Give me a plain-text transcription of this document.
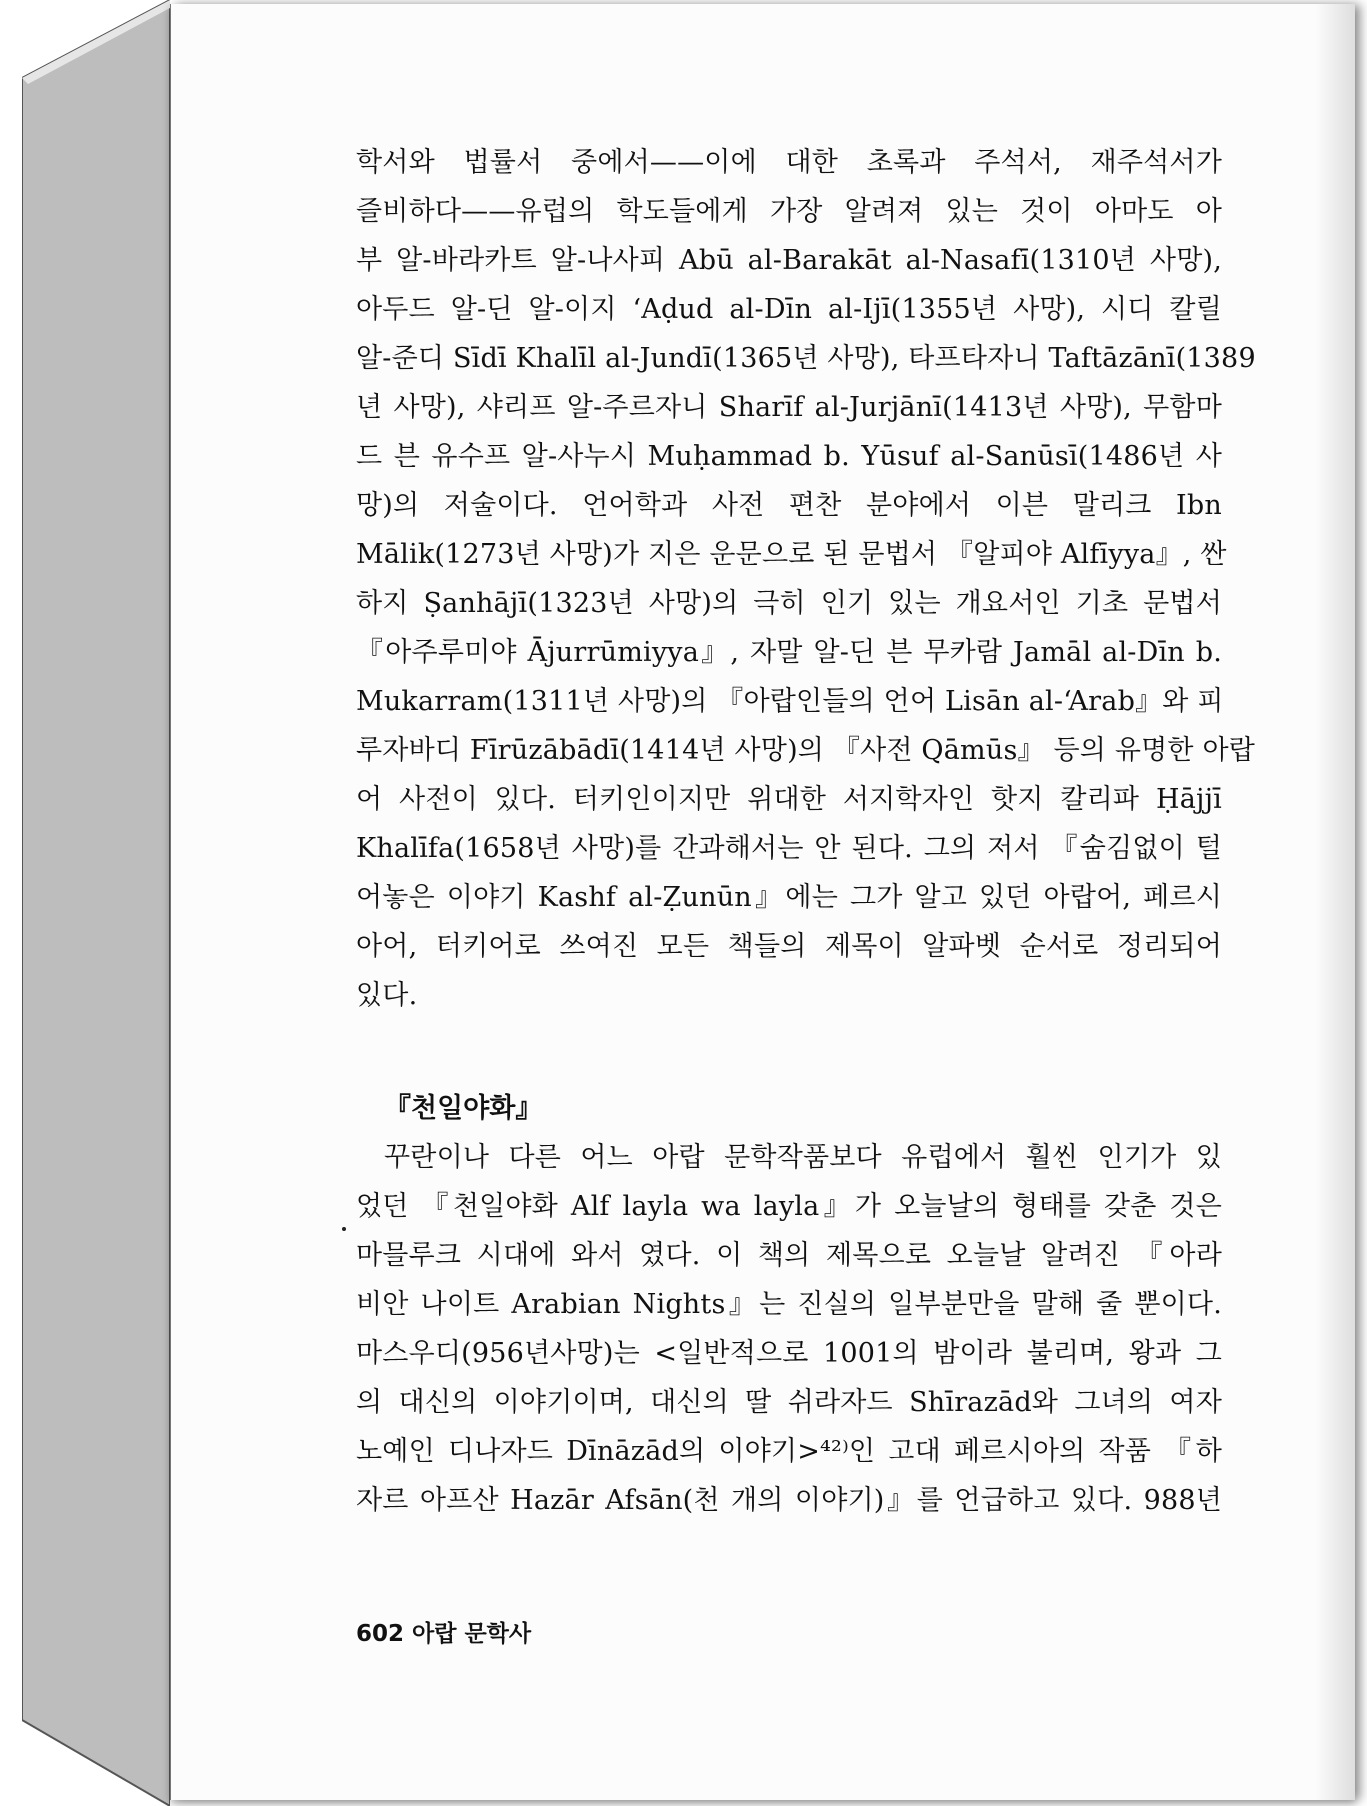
학서와 법률서 중에서——이에 대한 초록과 주석서, 재주석서가
즐비하다——유럽의 학도들에게 가장 알려져 있는 것이 아마도 아
부 알-바라카트 알-나사피 Abū al-Barakāt al-Nasafī(1310년 사망),
아두드 알-딘 알-이지 ‘Aḍud al-Dīn al-Ijī(1355년 사망), 시디 칼릴
알-준디 Sīdī Khalīl al-Jundī(1365년 사망), 타프타자니 Taftāzānī(1389
년 사망), 샤리프 알-주르자니 Sharīf al-Jurjānī(1413년 사망), 무함마
드 븐 유수프 알-사누시 Muḥammad b. Yūsuf al-Sanūsī(1486년 사
망)의 저술이다. 언어학과 사전 편찬 분야에서 이븐 말리크 Ibn
Mālik(1273년 사망)가 지은 운문으로 된 문법서 『알피야 Alfīyya』, 싼
하지 Ṣanhājī(1323년 사망)의 극히 인기 있는 개요서인 기초 문법서
『아주루미야 Ājurrūmiyya』, 자말 알-딘 븐 무카람 Jamāl al-Dīn b.
Mukarram(1311년 사망)의 『아랍인들의 언어 Lisān al-‘Arab』와 피
루자바디 Fīrūzābādī(1414년 사망)의 『사전 Qāmūs』 등의 유명한 아랍
어 사전이 있다. 터키인이지만 위대한 서지학자인 핫지 칼리파 Ḥājjī
Khalīfa(1658년 사망)를 간과해서는 안 된다. 그의 저서 『숨김없이 털
어놓은 이야기 Kashf al-Ẓunūn』에는 그가 알고 있던 아랍어, 페르시
아어, 터키어로 쓰여진 모든 책들의 제목이 알파벳 순서로 정리되어
있다.
『천일야화』
꾸란이나 다른 어느 아랍 문학작품보다 유럽에서 훨씬 인기가 있
었던 『천일야화 Alf layla wa layla』가 오늘날의 형태를 갖춘 것은
마믈루크 시대에 와서 였다. 이 책의 제목으로 오늘날 알려진 『아라
비안 나이트 Arabian Nights』는 진실의 일부분만을 말해 줄 뿐이다.
마스우디(956년사망)는 <일반적으로 1001의 밤이라 불리며, 왕과 그
의 대신의 이야기이며, 대신의 딸 쉬라자드 Shīrazād와 그녀의 여자
노예인 디나자드 Dīnāzād의 이야기>⁴²⁾인 고대 페르시아의 작품 『하
자르 아프산 Hazār Afsān(천 개의 이야기)』를 언급하고 있다. 988년
602 아랍 문학사
